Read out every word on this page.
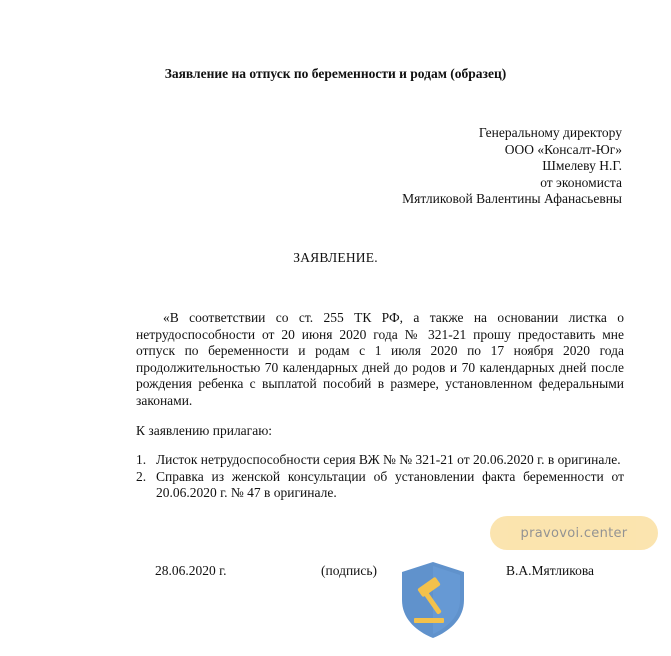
Заявление на отпуск по беременности и родам (образец)
Генеральному директору
ООО «Консалт-Юг»
Шмелеву Н.Г.
от экономиста
Мятликовой Валентины Афанасьевны
ЗАЯВЛЕНИЕ.
«В соответствии со ст. 255 ТК РФ, а также на основании листка о нетрудоспособности от 20 июня 2020 года № 321-21 прошу предоставить мне отпуск по беременности и родам с 1 июля 2020 по 17 ноября 2020 года продолжительностью 70 календарных дней до родов и 70 календарных дней после рождения ребенка с выплатой пособий в размере, установленном федеральными законами.
К заявлению прилагаю:
1. Листок нетрудоспособности серия ВЖ № № 321-21 от 20.06.2020 г. в оригинале.
2. Справка из женской консультации об установлении факта беременности от 20.06.2020 г. № 47 в оригинале.
28.06.2020 г.	(подпись)	В.А.Мятликова
pravovoi.center
